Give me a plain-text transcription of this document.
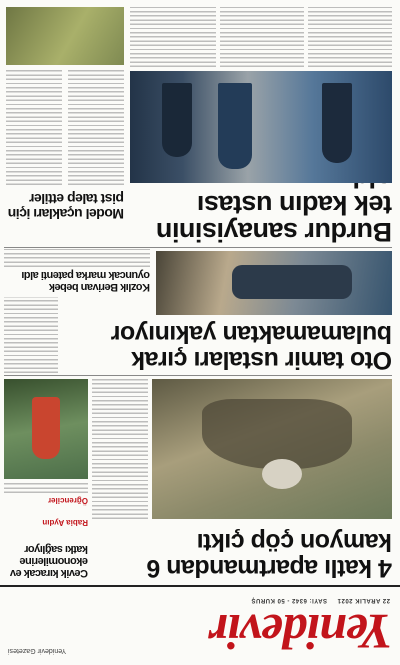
Yenidevir
22 ARALIK 2021 SAYI: 6342 - 50 KURUŞ
Yenidevir Gazetesi
4 katlı apartmandan 6 kamyon çöp çıktı
Cevik kıracak ev ekonomilerine katkı sağlıyor
Rabia Aydın
Öğrenciler
Oto tamir ustaları çırak bulamamaktan yakınıyor
Kozlık Berivan bebek oyuncak marka patenti aldı
Burdur sanayisinin tek kadın ustası
Model uçakları için pist talep ettiler
